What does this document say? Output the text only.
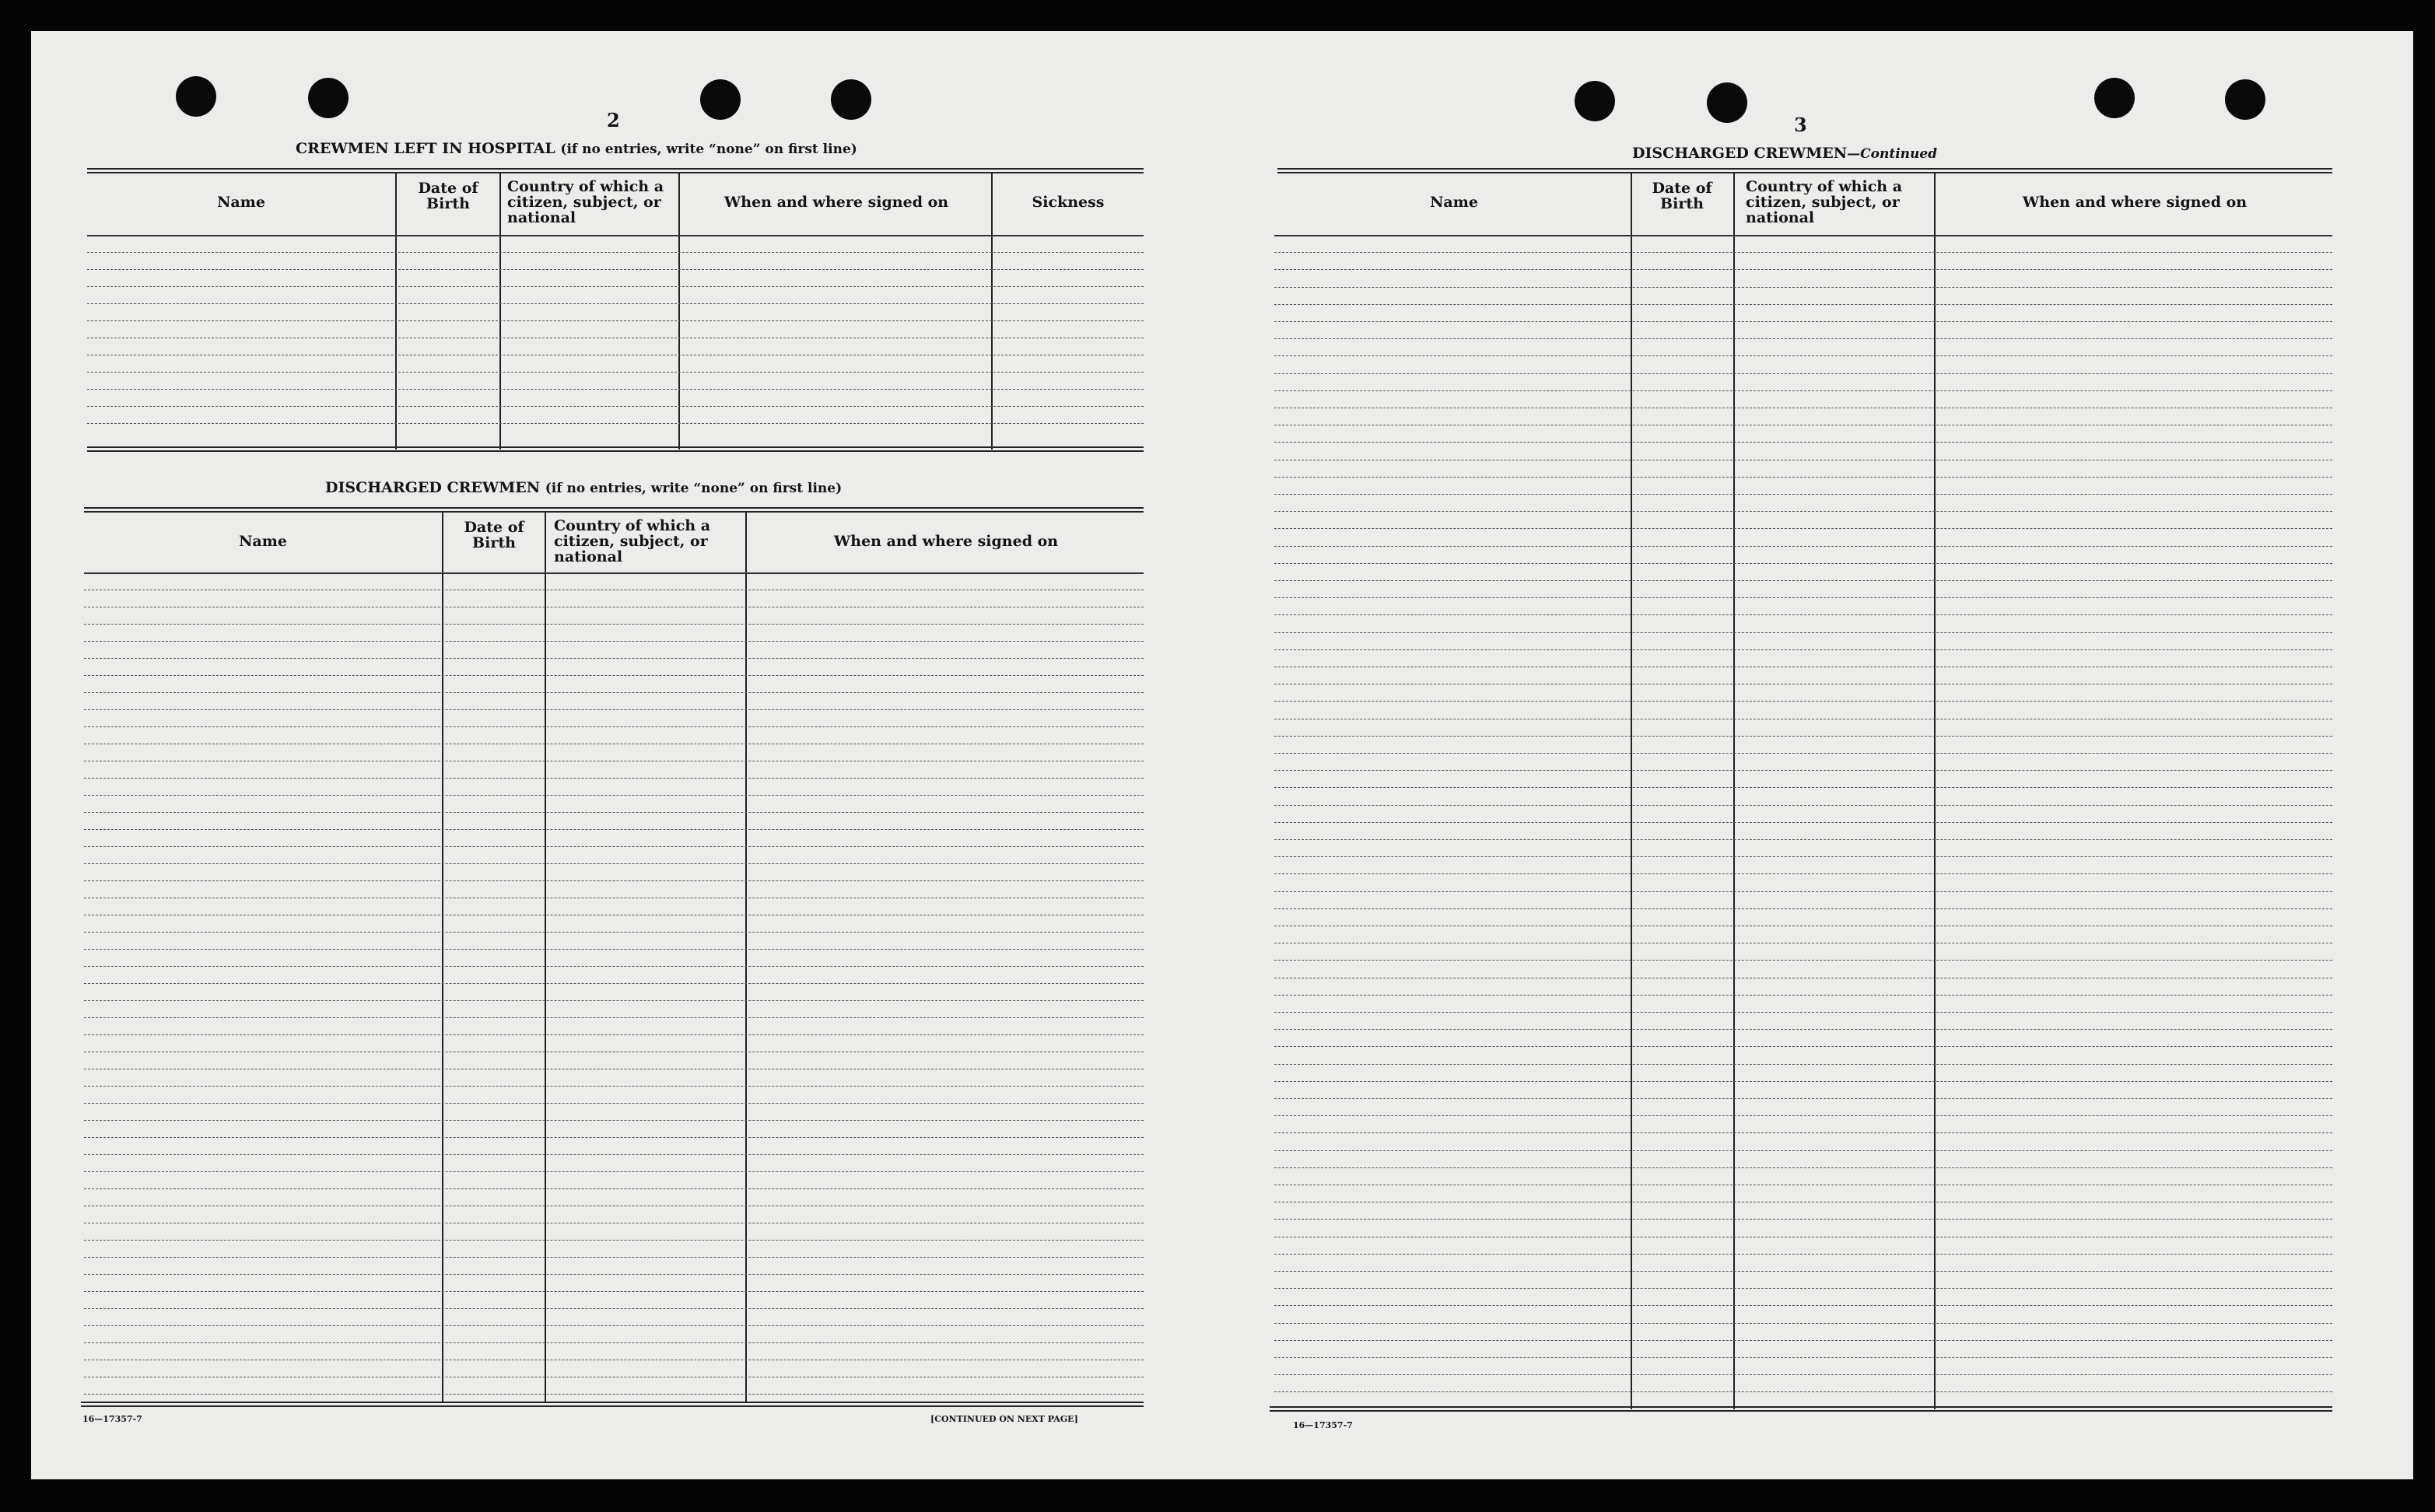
2
CREWMEN LEFT IN HOSPITAL (if no entries, write “none” on first line)
Name
Date of Birth
Country of which a citizen, subject, or national
When and where signed on	Sickness
DISCHARGED CREWMEN (if no entries, write “none” on first line)
Name
Date of Birth
Country of which a citizen, subject, or national
When and where signed on
16—17357-7	[CONTINUED ON NEXT PAGE]
3
DISCHARGED CREWMEN—Continued
Name
Date of Birth
Country of which a citizen, subject, or national
When and where signed on
16—17357-7
